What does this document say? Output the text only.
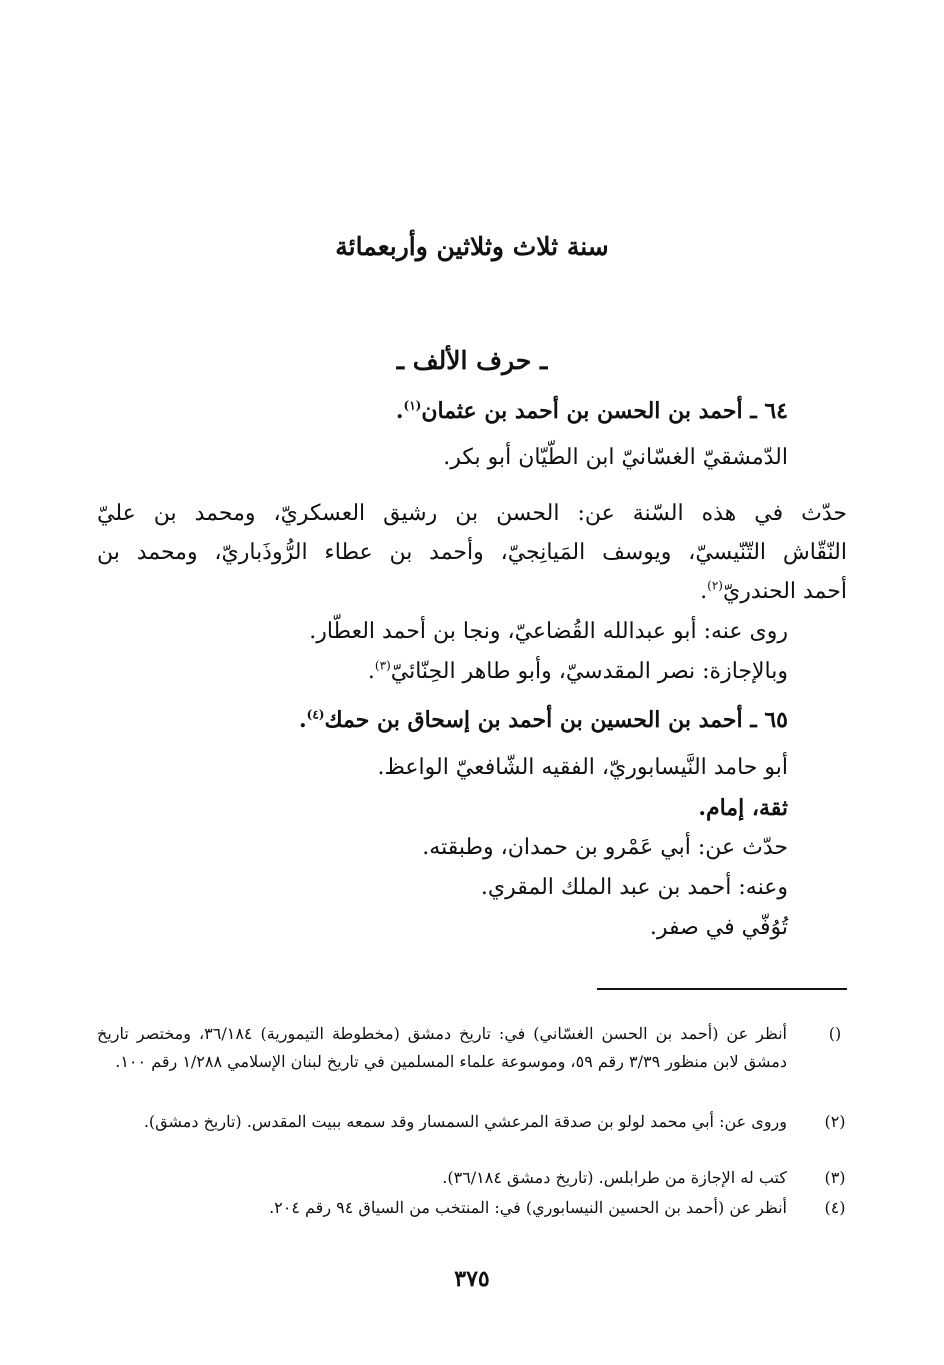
سنة ثلاث وثلاثين وأربعمائة
ـ حرف الألف ـ
٦٤ ـ أحمد بن الحسن بن أحمد بن عثمان$^{(١)}$.
الدّمشقيّ الغسّانيّ ابن الطّيّان أبو بكر.
حدّث في هذه السّنة عن: الحسن بن رشيق العسكريّ، ومحمد بن عليّ
النّقّاش التّنّيسيّ، ويوسف المَيانِجيّ، وأحمد بن عطاء الرُّوذَباريّ، ومحمد بن
أحمد الحندريّ$^{(٢)}$.
روى عنه: أبو عبدالله القُضاعيّ، ونجا بن أحمد العطّار.
وبالإجازة: نصر المقدسيّ، وأبو طاهر الحِنّائيّ$^{(٣)}$.
٦٥ ـ أحمد بن الحسين بن أحمد بن إسحاق بن حمك$^{(٤)}$.
أبو حامد النَّيسابوريّ، الفقيه الشّافعيّ الواعظ.
ثقة، إمام.
حدّث عن: أبي عَمْرو بن حمدان، وطبقته.
وعنه: أحمد بن عبد الملك المقري.
تُوُفّي في صفر.
()
أنظر عن (أحمد بن الحسن الغسّاني) في: تاريخ دمشق (مخطوطة التيمورية) ٣٦/١٨٤، ومختصر تاريخ دمشق لابن منظور ٣/٣٩ رقم ٥٩، وموسوعة علماء المسلمين في تاريخ لبنان الإسلامي ١/٢٨٨ رقم ١٠٠.
(٢)
وروى عن: أبي محمد لولو بن صدقة المرعشي السمسار وقد سمعه ببيت المقدس. (تاريخ دمشق).
(٣)
كتب له الإجازة من طرابلس. (تاريخ دمشق ٣٦/١٨٤).
(٤)
أنظر عن (أحمد بن الحسين النيسابوري) في: المنتخب من السياق ٩٤ رقم ٢٠٤.
٣٧٥
